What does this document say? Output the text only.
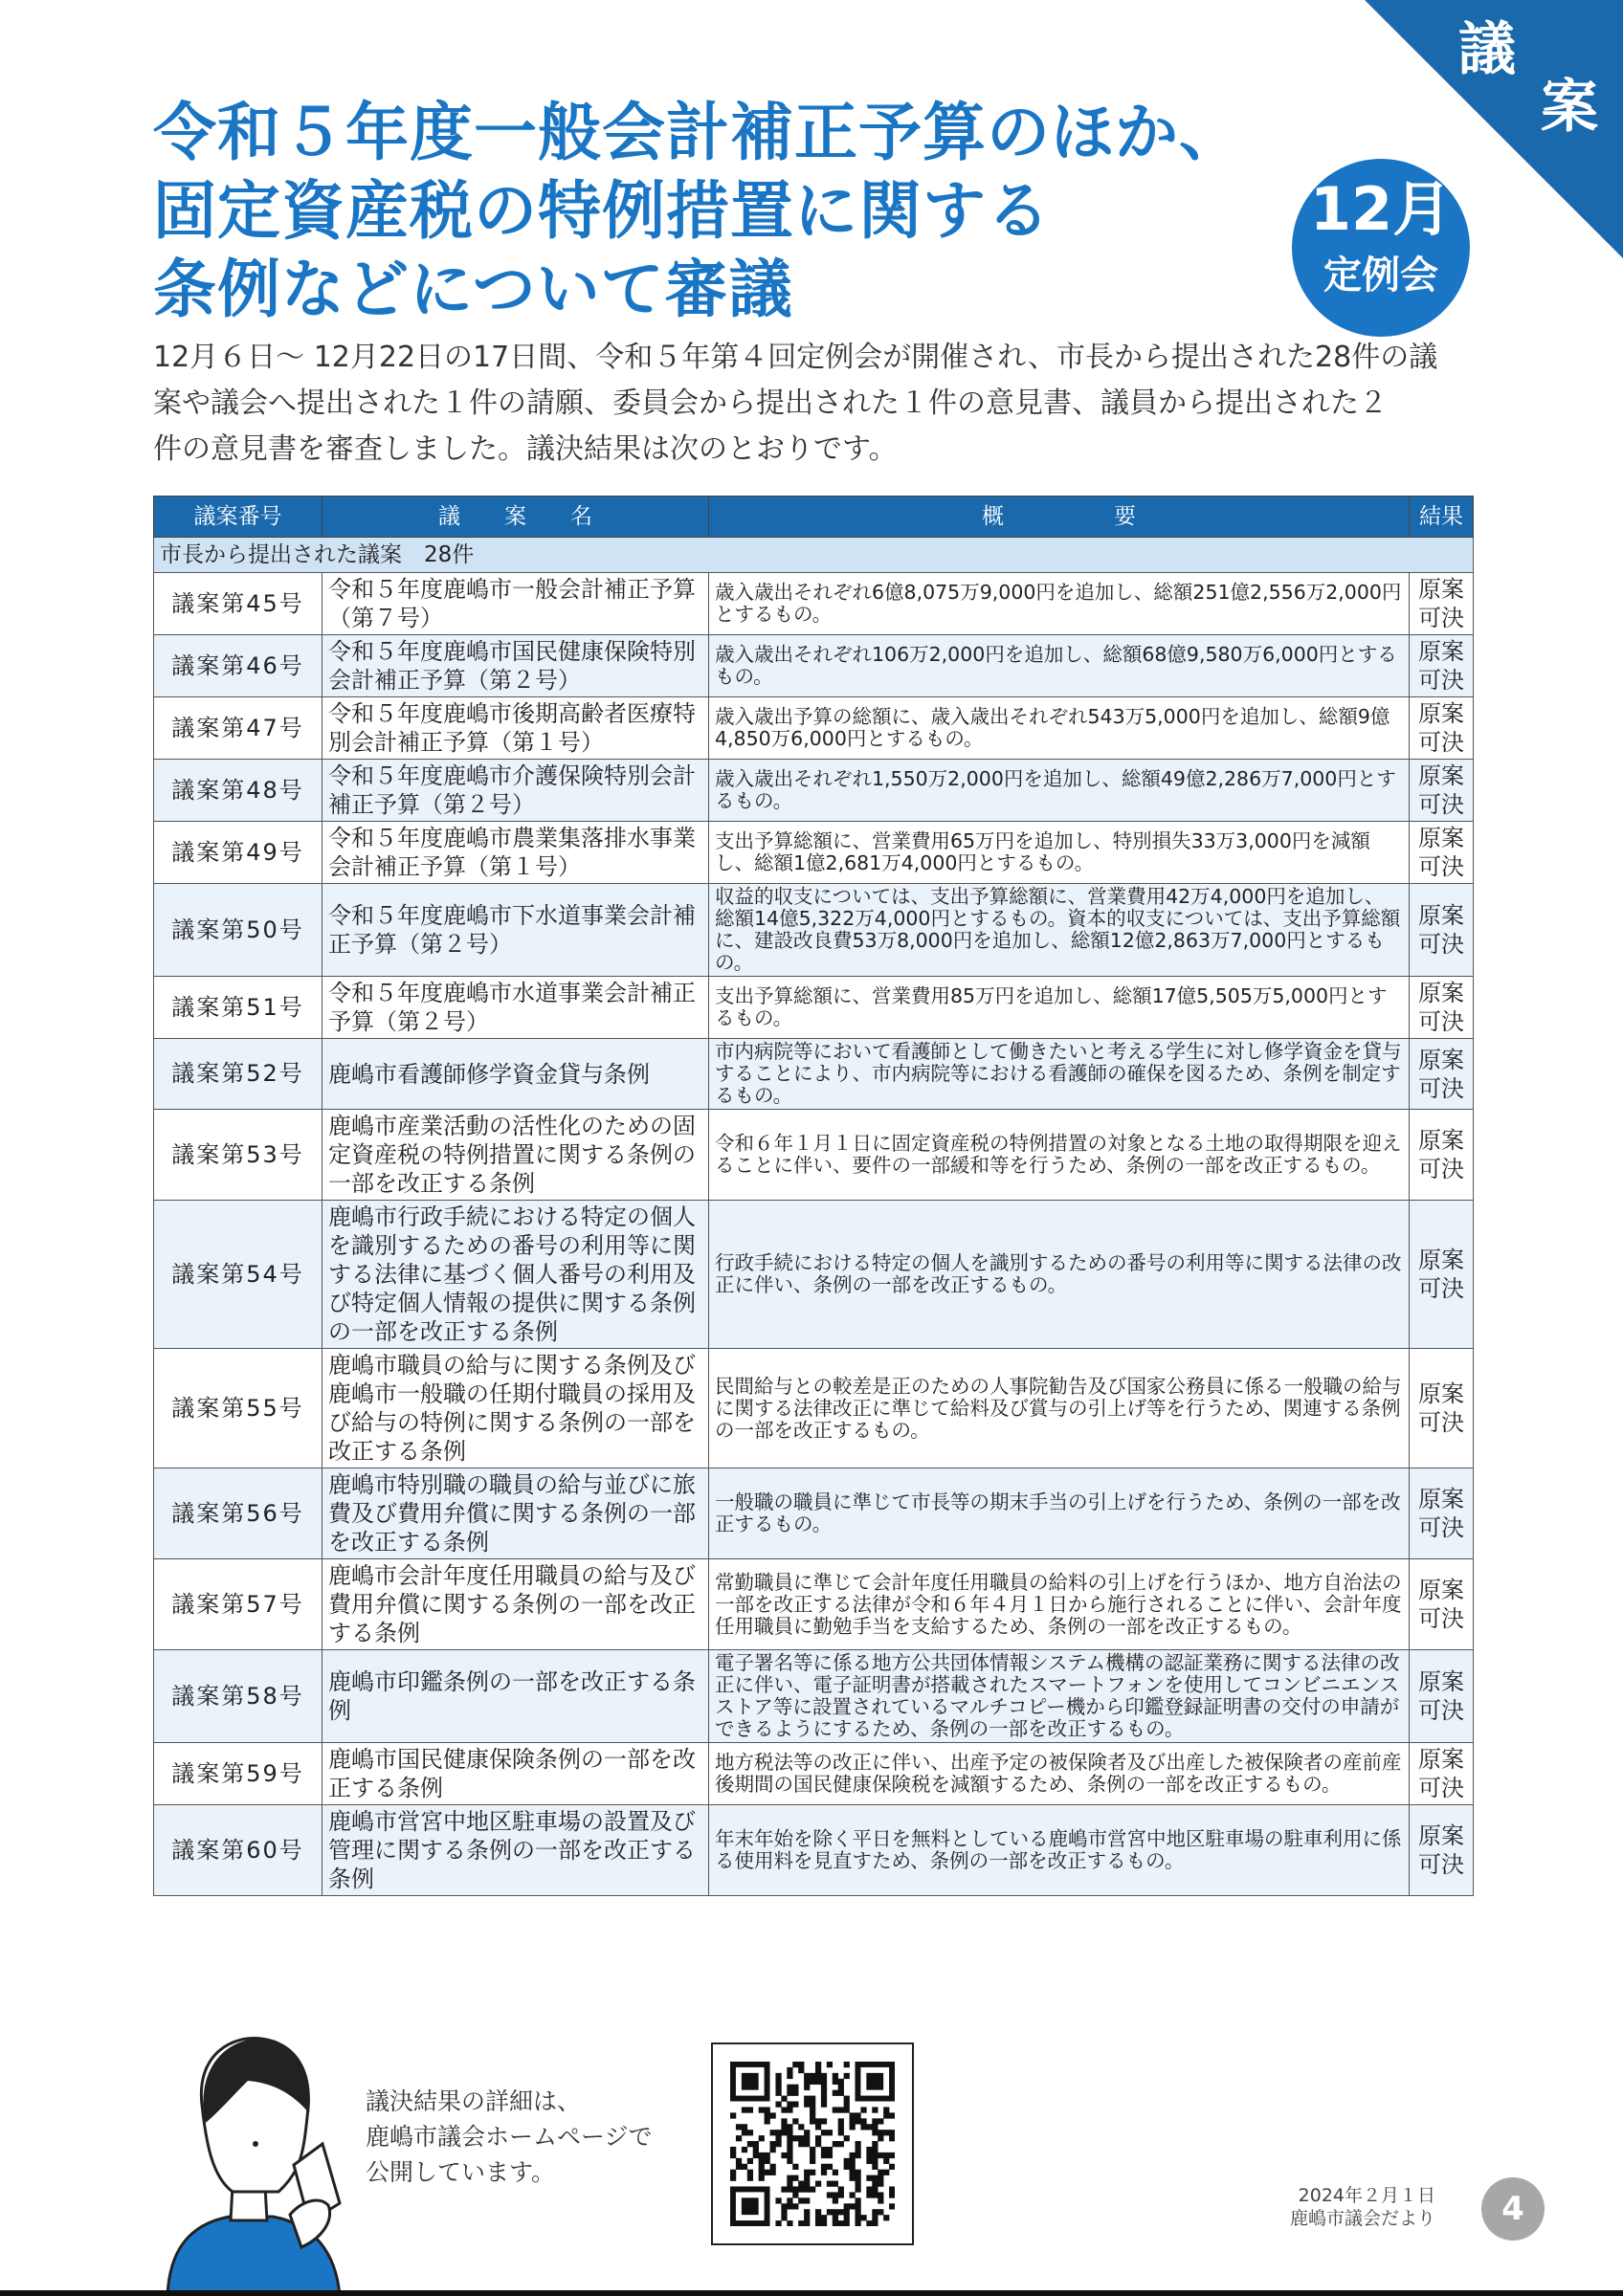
議
案
令和５年度一般会計補正予算のほか、
固定資産税の特例措置に関する
条例などについて審議
12月
定例会
12月６日～ 12月22日の17日間、令和５年第４回定例会が開催され、市長から提出された28件の議
案や議会へ提出された１件の請願、委員会から提出された１件の意見書、議員から提出された２
件の意見書を審査しました。議決結果は次のとおりです。
議案番号	議　　案　　名	概　　　　　要	結果
市長から提出された議案　28件			
議案第45号	令和５年度鹿嶋市一般会計補正予算（第７号）	歳入歳出それぞれ6億8,075万9,000円を追加し、総額251億2,556万2,000円とするもの。	原案可決
議案第46号	令和５年度鹿嶋市国民健康保険特別会計補正予算（第２号）	歳入歳出それぞれ106万2,000円を追加し、総額68億9,580万6,000円とするもの。	原案可決
議案第47号	令和５年度鹿嶋市後期高齢者医療特別会計補正予算（第１号）	歳入歳出予算の総額に、歳入歳出それぞれ543万5,000円を追加し、総額9億4,850万6,000円とするもの。	原案可決
議案第48号	令和５年度鹿嶋市介護保険特別会計補正予算（第２号）	歳入歳出それぞれ1,550万2,000円を追加し、総額49億2,286万7,000円とするもの。	原案可決
議案第49号	令和５年度鹿嶋市農業集落排水事業会計補正予算（第１号）	支出予算総額に、営業費用65万円を追加し、特別損失33万3,000円を減額し、総額1億2,681万4,000円とするもの。	原案可決
議案第50号	令和５年度鹿嶋市下水道事業会計補正予算（第２号）	収益的収支については、支出予算総額に、営業費用42万4,000円を追加し、総額14億5,322万4,000円とするもの。資本的収支については、支出予算総額に、建設改良費53万8,000円を追加し、総額12億2,863万7,000円とするもの。	原案可決
議案第51号	令和５年度鹿嶋市水道事業会計補正予算（第２号）	支出予算総額に、営業費用85万円を追加し、総額17億5,505万5,000円とするもの。	原案可決
議案第52号	鹿嶋市看護師修学資金貸与条例	市内病院等において看護師として働きたいと考える学生に対し修学資金を貸与することにより、市内病院等における看護師の確保を図るため、条例を制定するもの。	原案可決
議案第53号	鹿嶋市産業活動の活性化のための固定資産税の特例措置に関する条例の一部を改正する条例	令和６年１月１日に固定資産税の特例措置の対象となる土地の取得期限を迎えることに伴い、要件の一部緩和等を行うため、条例の一部を改正するもの。	原案可決
議案第54号	鹿嶋市行政手続における特定の個人を識別するための番号の利用等に関する法律に基づく個人番号の利用及び特定個人情報の提供に関する条例の一部を改正する条例	行政手続における特定の個人を識別するための番号の利用等に関する法律の改正に伴い、条例の一部を改正するもの。	原案可決
議案第55号	鹿嶋市職員の給与に関する条例及び鹿嶋市一般職の任期付職員の採用及び給与の特例に関する条例の一部を改正する条例	民間給与との較差是正のための人事院勧告及び国家公務員に係る一般職の給与に関する法律改正に準じて給料及び賞与の引上げ等を行うため、関連する条例の一部を改正するもの。	原案可決
議案第56号	鹿嶋市特別職の職員の給与並びに旅費及び費用弁償に関する条例の一部を改正する条例	一般職の職員に準じて市長等の期末手当の引上げを行うため、条例の一部を改正するもの。	原案可決
議案第57号	鹿嶋市会計年度任用職員の給与及び費用弁償に関する条例の一部を改正する条例	常勤職員に準じて会計年度任用職員の給料の引上げを行うほか、地方自治法の一部を改正する法律が令和６年４月１日から施行されることに伴い、会計年度任用職員に勤勉手当を支給するため、条例の一部を改正するもの。	原案可決
議案第58号	鹿嶋市印鑑条例の一部を改正する条例	電子署名等に係る地方公共団体情報システム機構の認証業務に関する法律の改正に伴い、電子証明書が搭載されたスマートフォンを使用してコンビニエンスストア等に設置されているマルチコピー機から印鑑登録証明書の交付の申請ができるようにするため、条例の一部を改正するもの。	原案可決
議案第59号	鹿嶋市国民健康保険条例の一部を改正する条例	地方税法等の改正に伴い、出産予定の被保険者及び出産した被保険者の産前産後期間の国民健康保険税を減額するため、条例の一部を改正するもの。	原案可決
議案第60号	鹿嶋市営宮中地区駐車場の設置及び管理に関する条例の一部を改正する条例	年末年始を除く平日を無料としている鹿嶋市営宮中地区駐車場の駐車利用に係る使用料を見直すため、条例の一部を改正するもの。	原案可決
議決結果の詳細は、
鹿嶋市議会ホームページで
公開しています。
2024年２月１日
鹿嶋市議会だより	4
